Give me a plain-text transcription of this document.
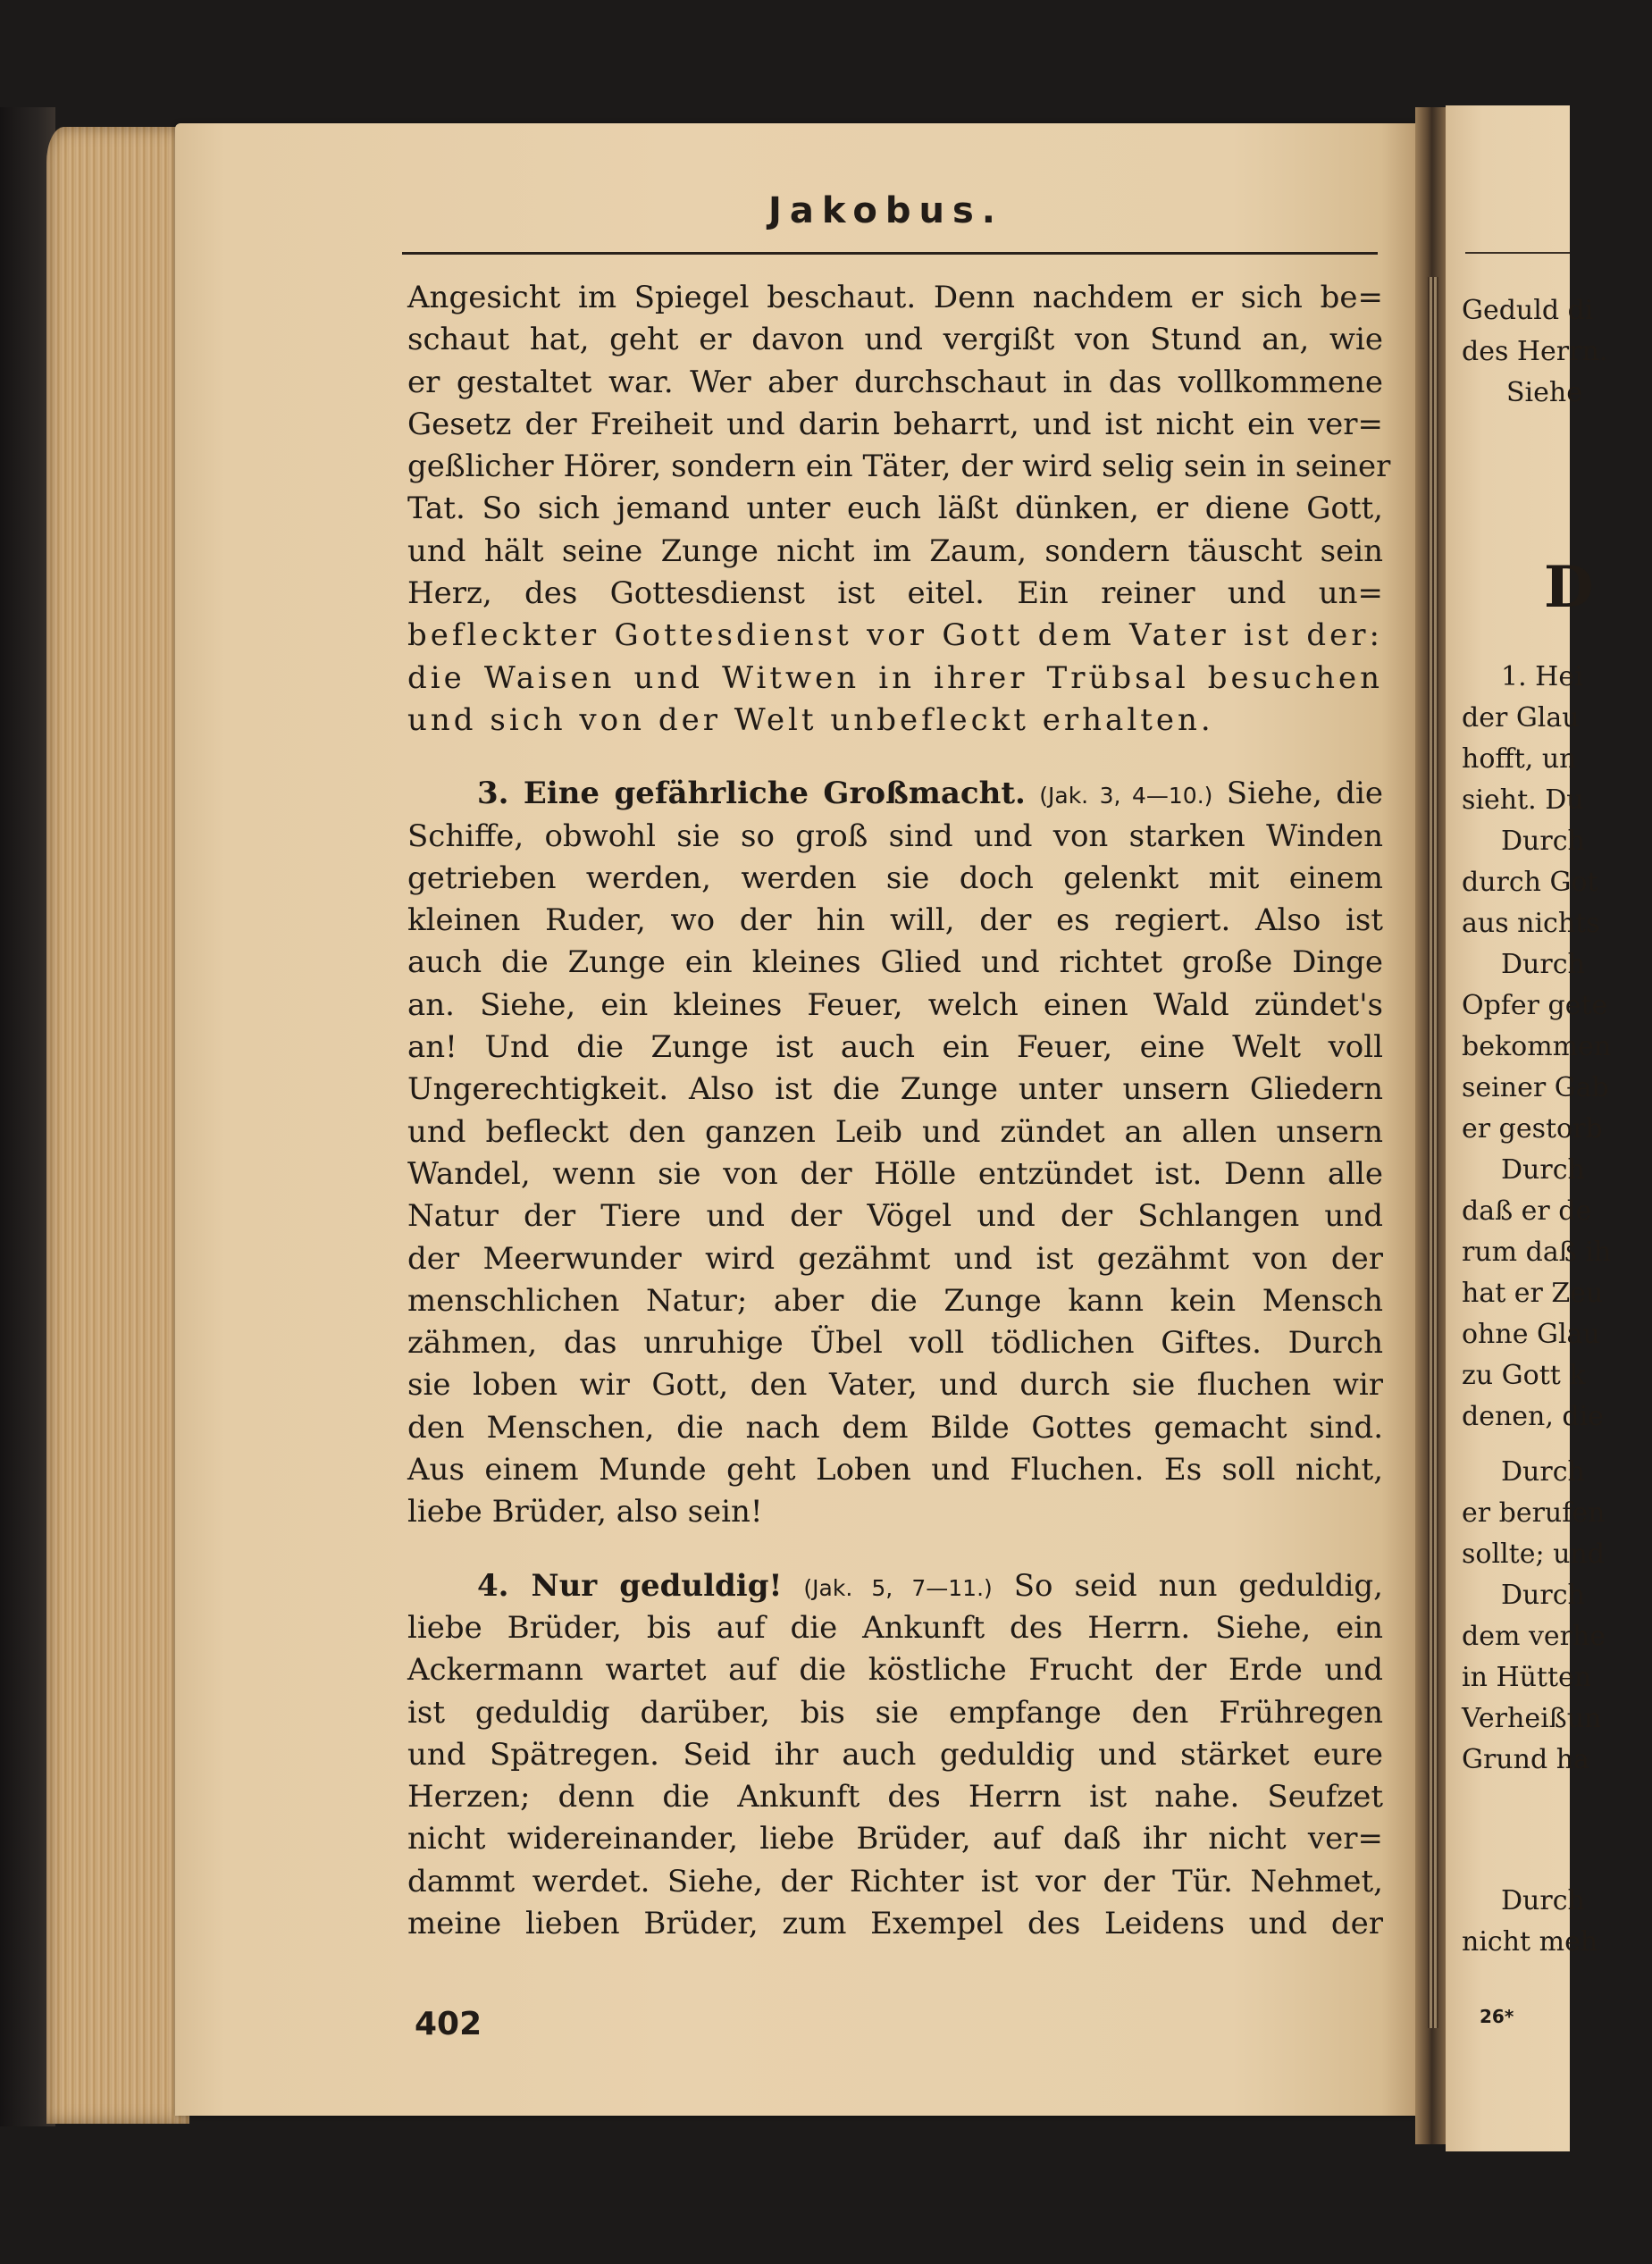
Jakobus.
Angesicht im Spiegel beschaut. Denn nachdem er sich be=
schaut hat, geht er davon und vergißt von Stund an, wie
er gestaltet war. Wer aber durchschaut in das vollkommene
Gesetz der Freiheit und darin beharrt, und ist nicht ein ver=
geßlicher Hörer, sondern ein Täter, der wird selig sein in seiner
Tat. So sich jemand unter euch läßt dünken, er diene Gott,
und hält seine Zunge nicht im Zaum, sondern täuscht sein
Herz, des Gottesdienst ist eitel. Ein reiner und un=
befleckter Gottesdienst vor Gott dem Vater ist der:
die Waisen und Witwen in ihrer Trübsal besuchen
und sich von der Welt unbefleckt erhalten.
3. Eine gefährliche Großmacht. (Jak. 3, 4—10.) Siehe, die
Schiffe, obwohl sie so groß sind und von starken Winden
getrieben werden, werden sie doch gelenkt mit einem
kleinen Ruder, wo der hin will, der es regiert. Also ist
auch die Zunge ein kleines Glied und richtet große Dinge
an. Siehe, ein kleines Feuer, welch einen Wald zündet's
an! Und die Zunge ist auch ein Feuer, eine Welt voll
Ungerechtigkeit. Also ist die Zunge unter unsern Gliedern
und befleckt den ganzen Leib und zündet an allen unsern
Wandel, wenn sie von der Hölle entzündet ist. Denn alle
Natur der Tiere und der Vögel und der Schlangen und
der Meerwunder wird gezähmt und ist gezähmt von der
menschlichen Natur; aber die Zunge kann kein Mensch
zähmen, das unruhige Übel voll tödlichen Giftes. Durch
sie loben wir Gott, den Vater, und durch sie fluchen wir
den Menschen, die nach dem Bilde Gottes gemacht sind.
Aus einem Munde geht Loben und Fluchen. Es soll nicht,
liebe Brüder, also sein!
4. Nur geduldig! (Jak. 5, 7—11.) So seid nun geduldig,
liebe Brüder, bis auf die Ankunft des Herrn. Siehe, ein
Ackermann wartet auf die köstliche Frucht der Erde und
ist geduldig darüber, bis sie empfange den Frühregen
und Spätregen. Seid ihr auch geduldig und stärket eure
Herzen; denn die Ankunft des Herrn ist nahe. Seufzet
nicht widereinander, liebe Brüder, auf daß ihr nicht ver=
dammt werdet. Siehe, der Richter ist vor der Tür. Nehmet,
meine lieben Brüder, zum Exempel des Leidens und der
402
Geduld di
des Herrn.
Siehe
D
1. Hei
der Glau
hofft, un
sieht. Du
Durch
durch Got
aus nichts
Durch
Opfer gete
bekommen
seiner Gab
er gestorb
Durch
daß er de
rum daß ih
hat er Zeu
ohne Glau
zu Gott k
denen, die
Durch
er berufen
sollte; und
Durch
dem verhe
in Hütten
Verheißun
Grund ha
Durch
nicht meh
26*
